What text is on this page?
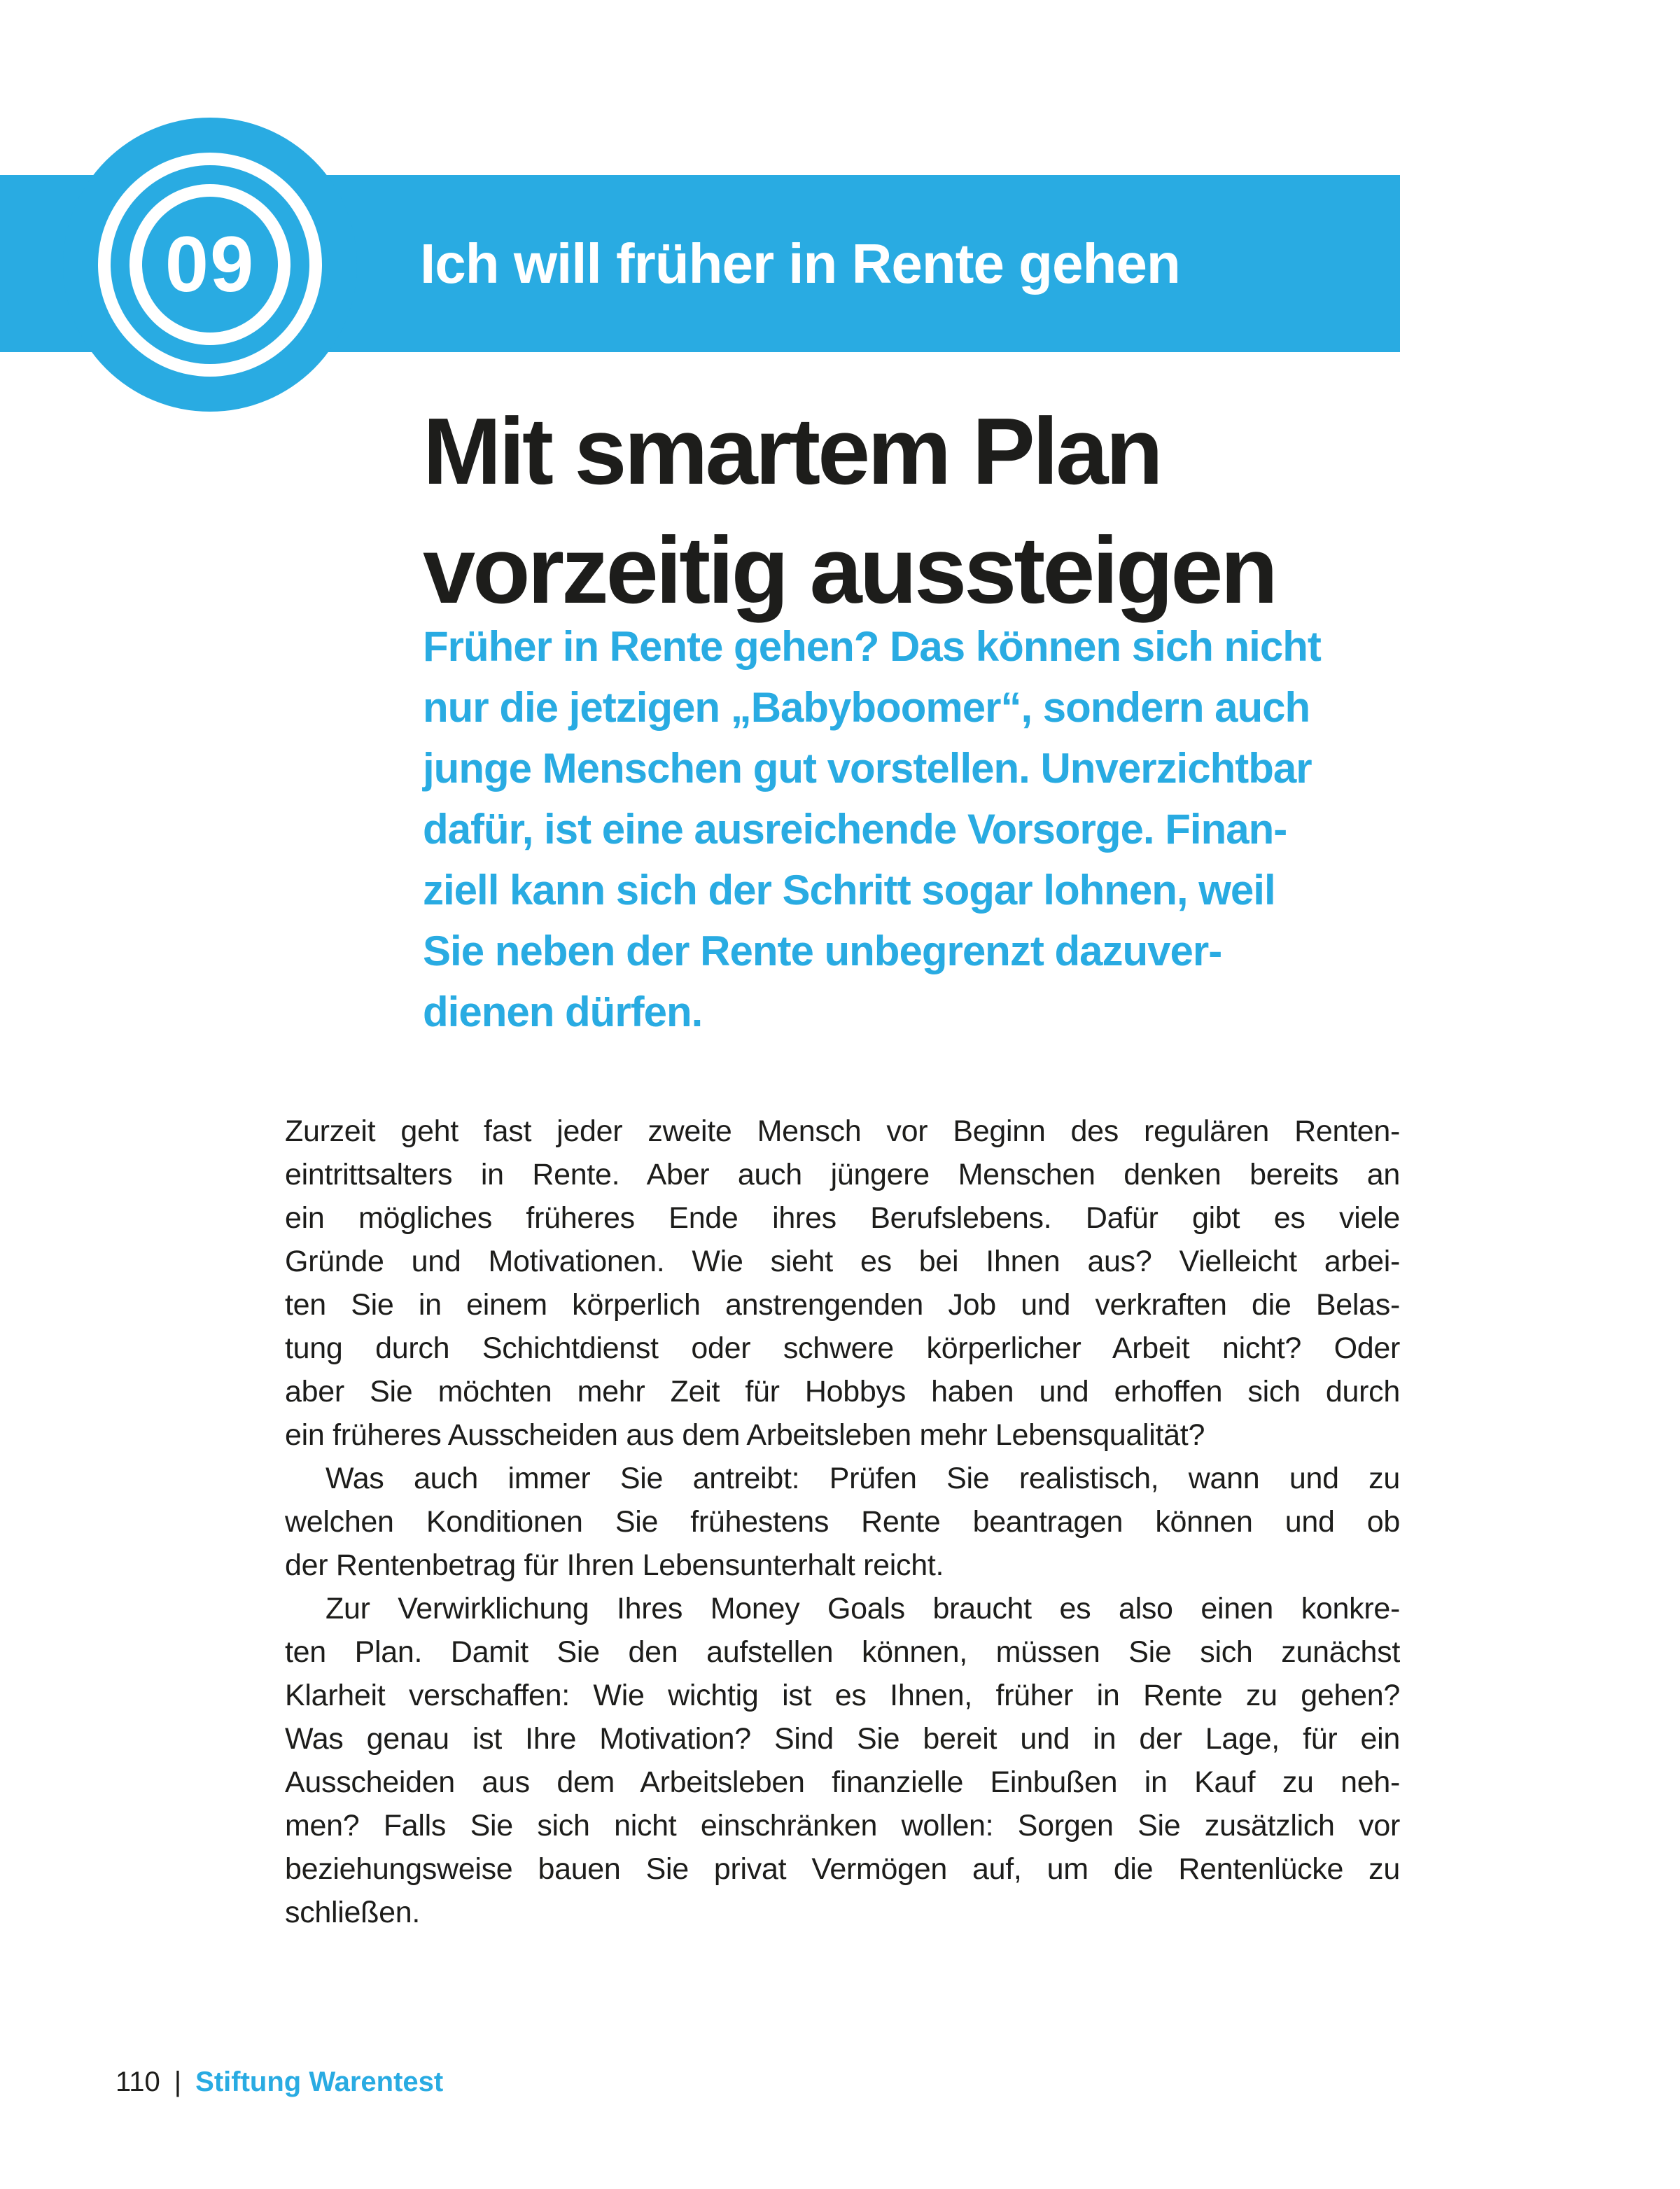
09	Ich will früher in Rente gehen
Mit smartem Plan
vorzeitig aussteigen
Früher in Rente gehen? Das können sich nicht
nur die jetzigen „Babyboomer“, sondern auch
junge Menschen gut vorstellen. Unverzichtbar
dafür, ist eine ausreichende Vorsorge. Finan-
ziell kann sich der Schritt sogar lohnen, weil
Sie neben der Rente unbegrenzt dazuver-
dienen dürfen.
Zurzeit geht fast jeder zweite Mensch vor Beginn des regulären Renten-
eintrittsalters in Rente. Aber auch jüngere Menschen denken bereits an
ein mögliches früheres Ende ihres Berufslebens. Dafür gibt es viele
Gründe und Motivationen. Wie sieht es bei Ihnen aus? Vielleicht arbei-
ten Sie in einem körperlich anstrengenden Job und verkraften die Belas-
tung durch Schichtdienst oder schwere körperlicher Arbeit nicht? Oder
aber Sie möchten mehr Zeit für Hobbys haben und erhoffen sich durch
ein früheres Ausscheiden aus dem Arbeitsleben mehr Lebensqualität?
Was auch immer Sie antreibt: Prüfen Sie realistisch, wann und zu
welchen Konditionen Sie frühestens Rente beantragen können und ob
der Rentenbetrag für Ihren Lebensunterhalt reicht.
Zur Verwirklichung Ihres Money Goals braucht es also einen konkre-
ten Plan. Damit Sie den aufstellen können, müssen Sie sich zunächst
Klarheit verschaffen: Wie wichtig ist es Ihnen, früher in Rente zu gehen?
Was genau ist Ihre Motivation? Sind Sie bereit und in der Lage, für ein
Ausscheiden aus dem Arbeitsleben finanzielle Einbußen in Kauf zu neh-
men? Falls Sie sich nicht einschränken wollen: Sorgen Sie zusätzlich vor
beziehungsweise bauen Sie privat Vermögen auf, um die Rentenlücke zu
schließen.
110 | Stiftung Warentest
